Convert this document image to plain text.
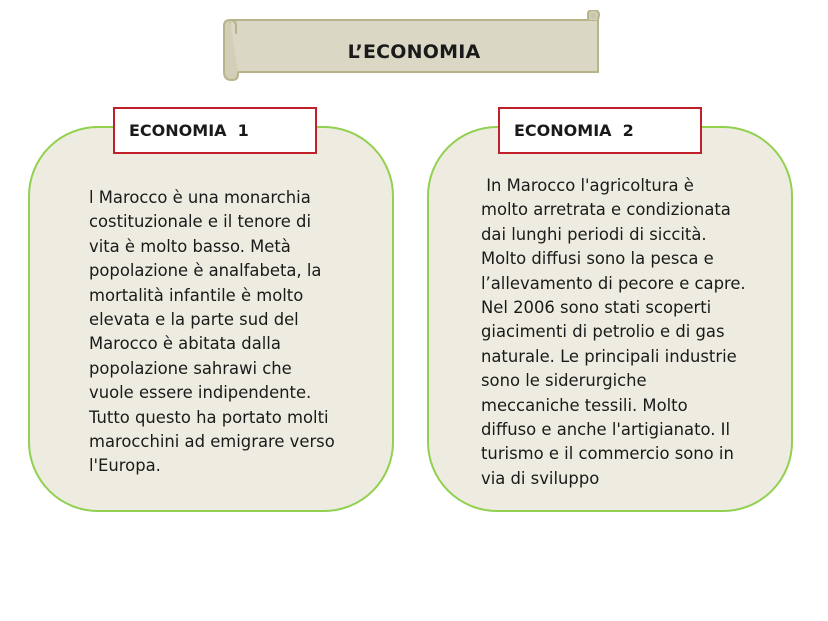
L’ECONOMIA

l Marocco è una monarchia

costituzionale e il tenore di

vita è molto basso. Metà

popolazione è analfabeta, la

mortalità infantile è molto

elevata e la parte sud del

Marocco è abitata dalla

popolazione sahrawi che

vuole essere indipendente.

Tutto questo ha portato molti

marocchini ad emigrare verso

l'Europa.

In Marocco l'agricoltura è

molto arretrata e condizionata

dai lunghi periodi di siccità.

Molto diffusi sono la pesca e

l’allevamento di pecore e capre.

Nel 2006 sono stati scoperti

giacimenti di petrolio e di gas

naturale. Le principali industrie

sono le siderurgiche

meccaniche tessili. Molto

diffuso e anche l'artigianato. Il

turismo e il commercio sono in

via di sviluppo

ECONOMIA  1	ECONOMIA  2
